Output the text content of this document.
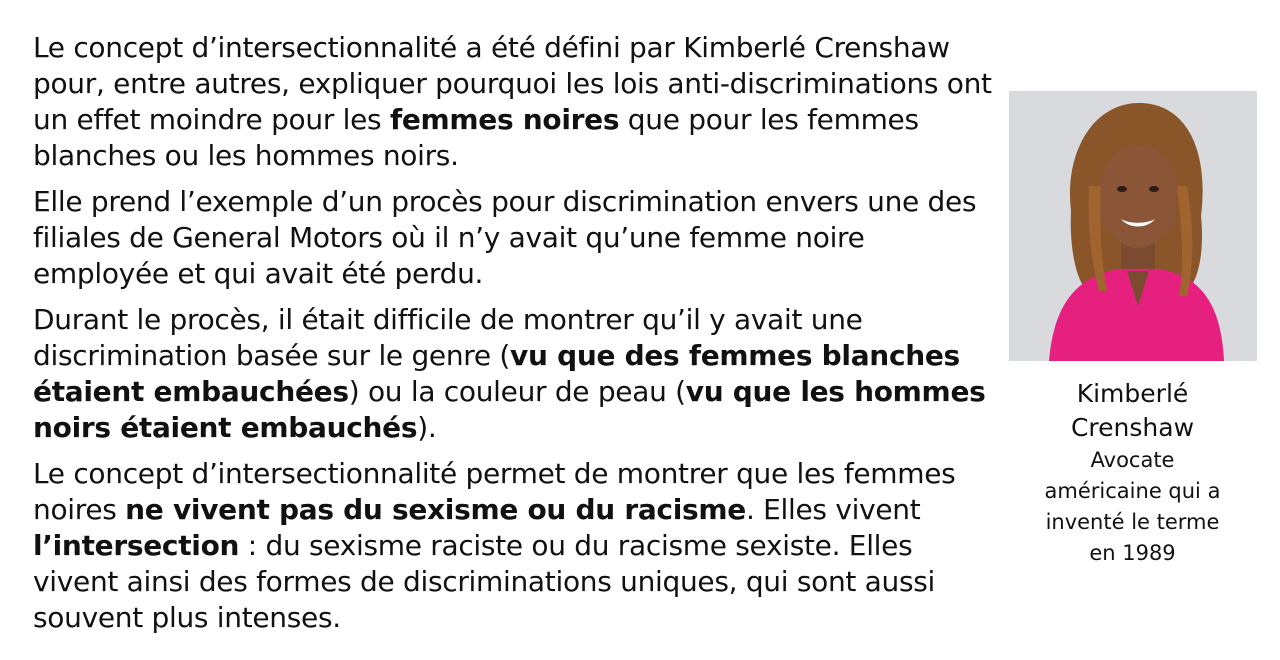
Le concept d’intersectionnalité a été défini par Kimberlé Crenshaw pour, entre autres, expliquer pourquoi les lois anti-discriminations ont un effet moindre pour les femmes noires que pour les femmes blanches ou les hommes noirs.

Elle prend l’exemple d’un procès pour discrimination envers une des filiales de General Motors où il n’y avait qu’une femme noire employée et qui avait été perdu.

Durant le procès, il était difficile de montrer qu’il y avait une discrimination basée sur le genre (vu que des femmes blanches étaient embauchées) ou la couleur de peau (vu que les hommes noirs étaient embauchés).

Le concept d’intersectionnalité permet de montrer que les femmes noires ne vivent pas du sexisme ou du racisme. Elles vivent l’intersection : du sexisme raciste ou du racisme sexiste. Elles vivent ainsi des formes de discriminations uniques, qui sont aussi souvent plus intenses.

Kimberlé
Crenshaw
Avocate
américaine qui a
inventé le terme
en 1989
